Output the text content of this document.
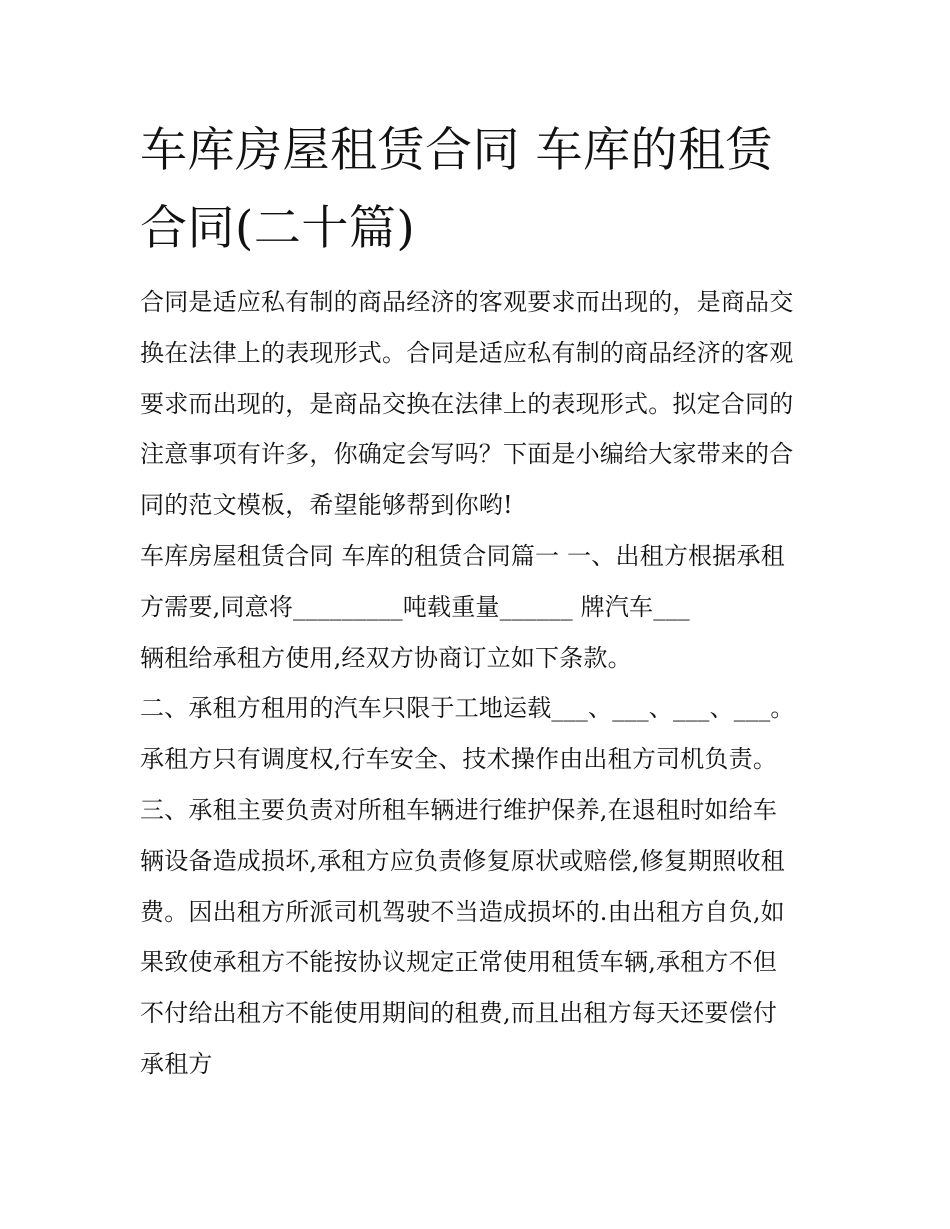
车库房屋租赁合同 车库的租赁
合同(二十篇)
合同是适应私有制的商品经济的客观要求而出现的，是商品交
换在法律上的表现形式。合同是适应私有制的商品经济的客观
要求而出现的，是商品交换在法律上的表现形式。拟定合同的
注意事项有许多，你确定会写吗？下面是小编给大家带来的合
同的范文模板，希望能够帮到你哟!
车库房屋租赁合同 车库的租赁合同篇一 一、出租方根据承租
方需要,同意将_________吨载重量______ 牌汽车___
辆租给承租方使用,经双方协商订立如下条款。
二、承租方租用的汽车只限于工地运载___、___、___、___。
承租方只有调度权,行车安全、技术操作由出租方司机负责。
三、承租主要负责对所租车辆进行维护保养,在退租时如给车
辆设备造成损坏,承租方应负责修复原状或赔偿,修复期照收租
费。因出租方所派司机驾驶不当造成损坏的.由出租方自负,如
果致使承租方不能按协议规定正常使用租赁车辆,承租方不但
不付给出租方不能使用期间的租费,而且出租方每天还要偿付
承租方
